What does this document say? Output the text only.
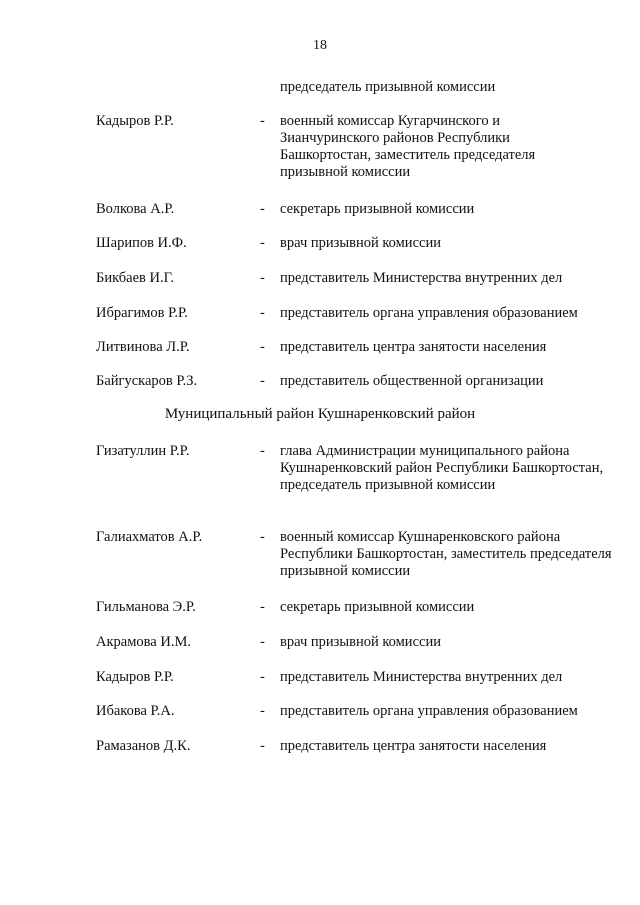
18
председатель призывной комиссии
Кадыров Р.Р.	- военный комиссар Кугарчинского и Зианчуринского районов Республики Башкортостан, заместитель председателя призывной комиссии
Волкова А.Р.	- секретарь призывной комиссии
Шарипов И.Ф.	- врач призывной комиссии
Бикбаев И.Г.	- представитель Министерства внутренних дел
Ибрагимов Р.Р.	- представитель органа управления образованием
Литвинова Л.Р.	- представитель центра занятости населения
Байгускаров Р.З.	- представитель общественной организации
Муниципальный район Кушнаренковский район
Гизатуллин Р.Р.	- глава Администрации муниципального района Кушнаренковский район Республики Башкортостан, председатель призывной комиссии
Галиахматов А.Р.	- военный комиссар Кушнаренковского района Республики Башкортостан, заместитель председателя призывной комиссии
Гильманова Э.Р.	- секретарь призывной комиссии
Акрамова И.М.	- врач призывной комиссии
Кадыров Р.Р.	- представитель Министерства внутренних дел
Ибакова Р.А.	- представитель органа управления образованием
Рамазанов Д.К.	- представитель центра занятости населения
